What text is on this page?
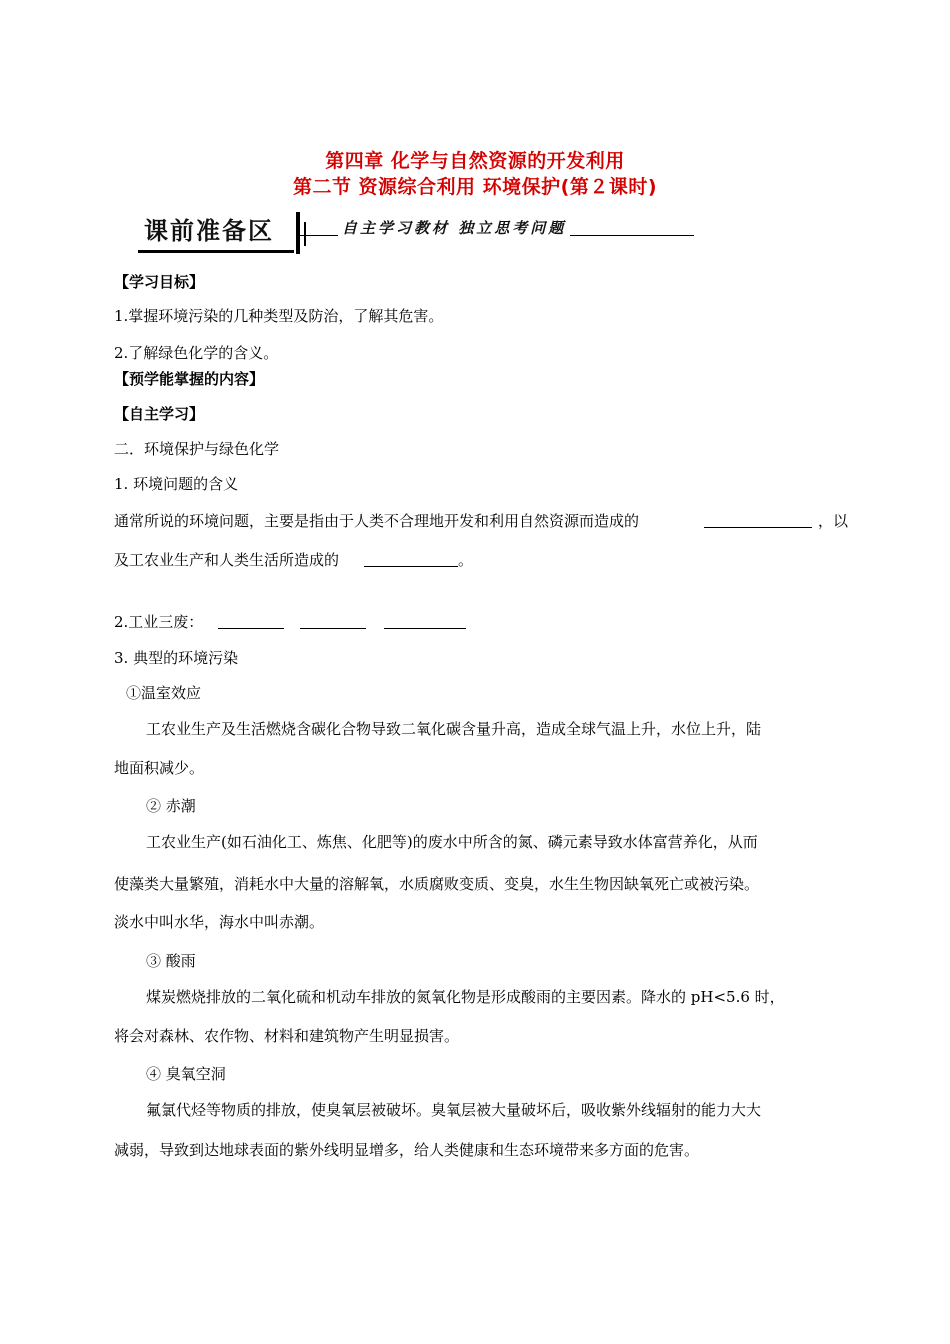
第四章 化学与自然资源的开发利用
第二节 资源综合利用 环境保护(第２课时)
课前准备区	自主学习教材 独立思考问题
【学习目标】
1.掌握环境污染的几种类型及防治，了解其危害。
2.了解绿色化学的含义。
【预学能掌握的内容】
【自主学习】
二．环境保护与绿色化学
1. 环境问题的含义
通常所说的环境问题，主要是指由于人类不合理地开发和利用自然资源而造成的	，以
及工农业生产和人类生活所造成的	。
2.工业三废：
3. 典型的环境污染
①温室效应
工农业生产及生活燃烧含碳化合物导致二氧化碳含量升高，造成全球气温上升，水位上升，陆
地面积减少。
② 赤潮
工农业生产(如石油化工、炼焦、化肥等)的废水中所含的氮、磷元素导致水体富营养化，从而
使藻类大量繁殖，消耗水中大量的溶解氧，水质腐败变质、变臭，水生生物因缺氧死亡或被污染。
淡水中叫水华，海水中叫赤潮。
③ 酸雨
煤炭燃烧排放的二氧化硫和机动车排放的氮氧化物是形成酸雨的主要因素。降水的 pH<5.6 时，
将会对森林、农作物、材料和建筑物产生明显损害。
④ 臭氧空洞
氟氯代烃等物质的排放，使臭氧层被破坏。臭氧层被大量破坏后，吸收紫外线辐射的能力大大
减弱，导致到达地球表面的紫外线明显增多，给人类健康和生态环境带来多方面的危害。
